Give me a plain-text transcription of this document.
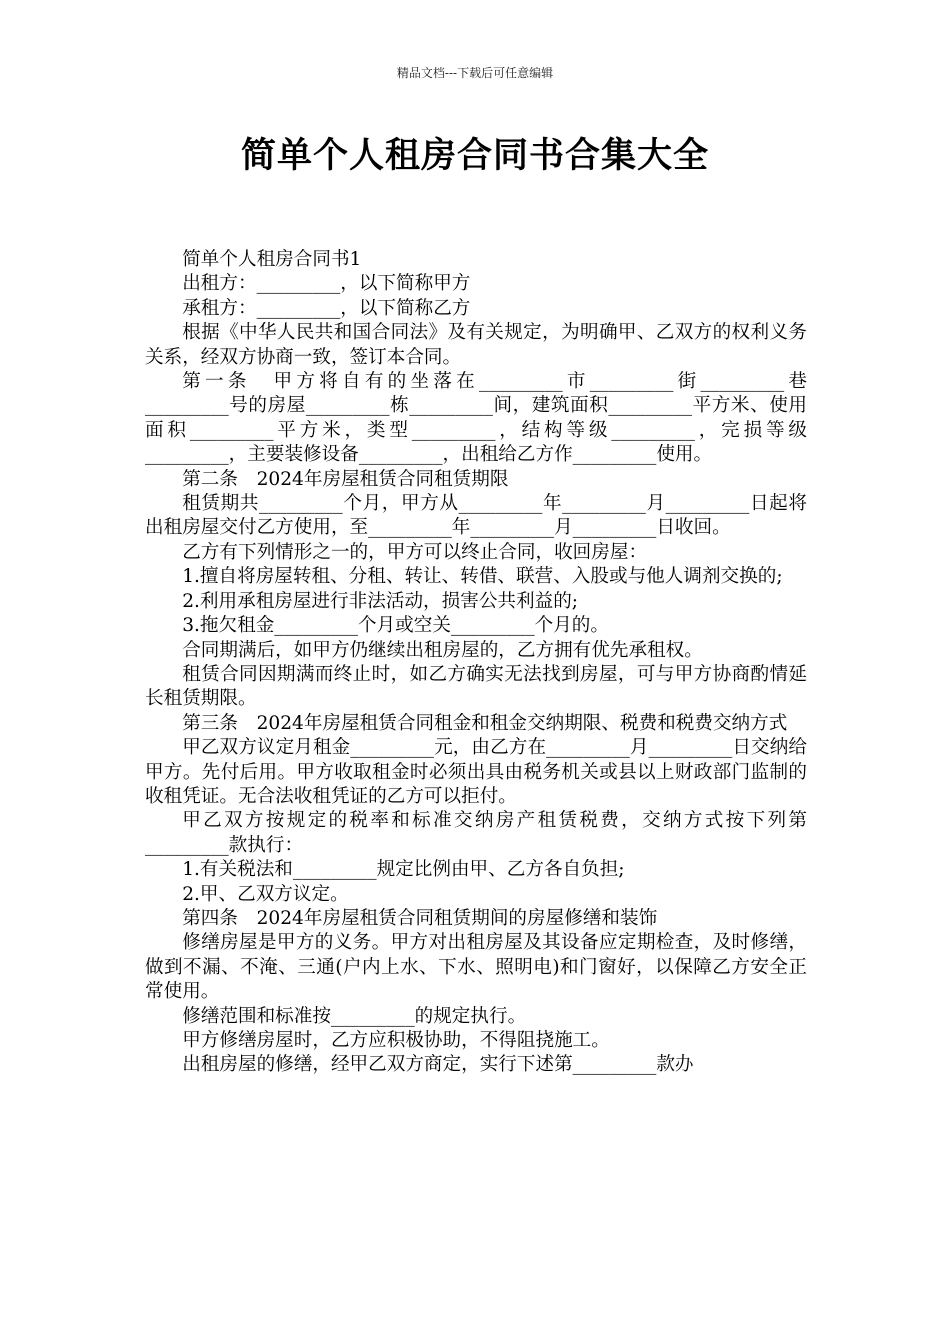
精品文档---下载后可任意编辑
简单个人租房合同书合集大全

简单个人租房合同书1

出租方：_________，以下简称甲方

承租方：_________，以下简称乙方

根据《中华人民共和国合同法》及有关规定，为明确甲、乙双方的权利义务关系，经双方协商一致，签订本合同。

第一条　甲方将自有的坐落在_________市_________街_________巷_________号的房屋_________栋_________间，建筑面积_________平方米、使用面积_________平方米，类型_________，结构等级_________，完损等级_________，主要装修设备_________，出租给乙方作_________使用。

第二条　2024年房屋租赁合同租赁期限

租赁期共_________个月，甲方从_________年_________月_________日起将出租房屋交付乙方使用，至_________年_________月_________日收回。

乙方有下列情形之一的，甲方可以终止合同，收回房屋：

1.擅自将房屋转租、分租、转让、转借、联营、入股或与他人调剂交换的;

2.利用承租房屋进行非法活动，损害公共利益的;

3.拖欠租金_________个月或空关_________个月的。

合同期满后，如甲方仍继续出租房屋的，乙方拥有优先承租权。

租赁合同因期满而终止时，如乙方确实无法找到房屋，可与甲方协商酌情延长租赁期限。

第三条　2024年房屋租赁合同租金和租金交纳期限、税费和税费交纳方式

甲乙双方议定月租金_________元，由乙方在_________月_________日交纳给甲方。先付后用。甲方收取租金时必须出具由税务机关或县以上财政部门监制的收租凭证。无合法收租凭证的乙方可以拒付。

甲乙双方按规定的税率和标准交纳房产租赁税费，交纳方式按下列第_________款执行：

1.有关税法和_________规定比例由甲、乙方各自负担;

2.甲、乙双方议定。

第四条　2024年房屋租赁合同租赁期间的房屋修缮和装饰

修缮房屋是甲方的义务。甲方对出租房屋及其设备应定期检查，及时修缮，做到不漏、不淹、三通(户内上水、下水、照明电)和门窗好，以保障乙方安全正常使用。

修缮范围和标准按_________的规定执行。

甲方修缮房屋时，乙方应积极协助，不得阻挠施工。

出租房屋的修缮，经甲乙双方商定，实行下述第_________款办
